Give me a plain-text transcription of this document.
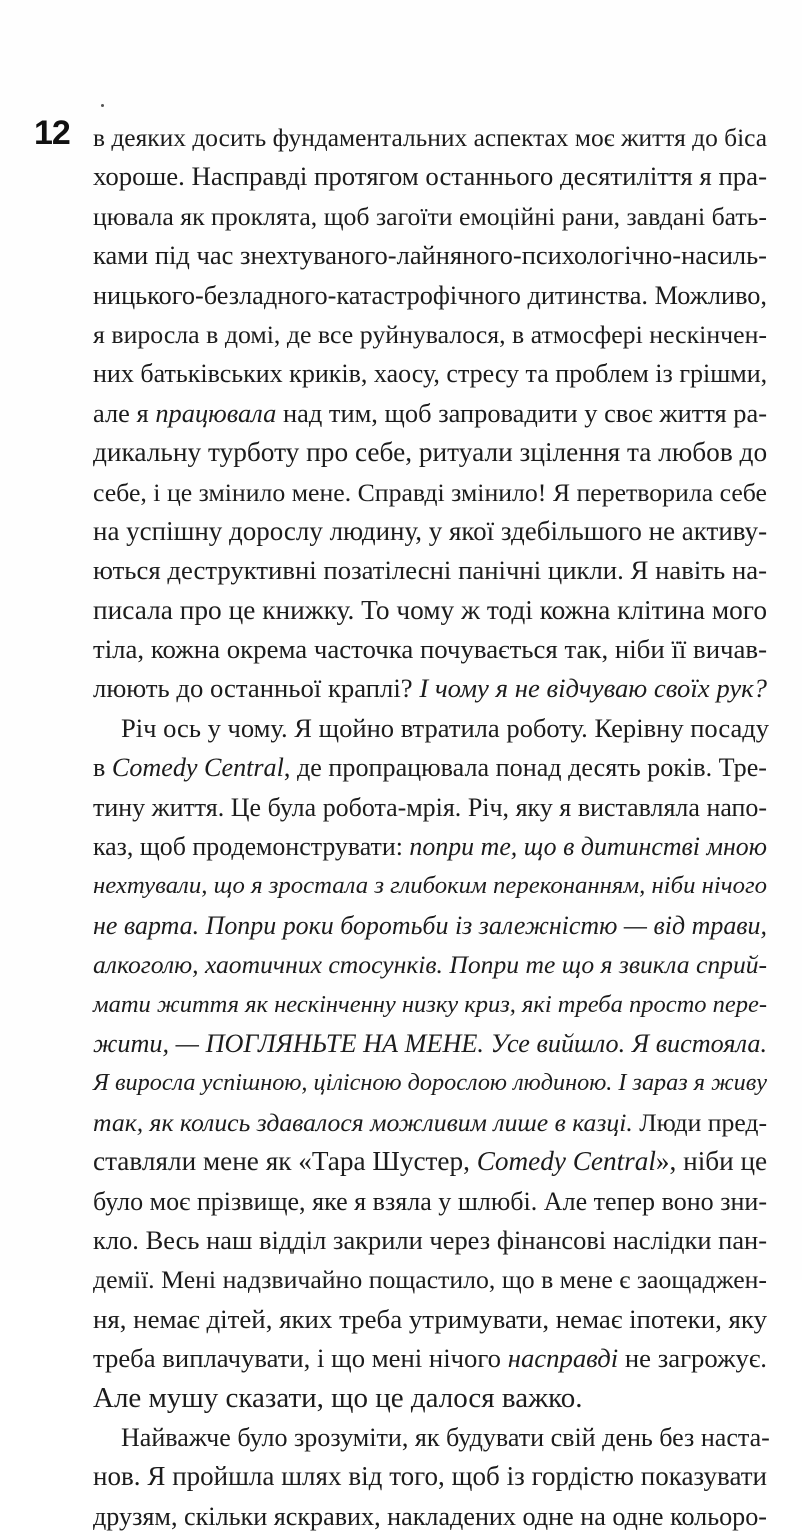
12 в деяких досить фундаментальних аспектах моє життя до біса
хороше. Насправді протягом останнього десятиліття я пра-
цювала як проклята, щоб загоїти емоційні рани, завдані бать-
ками під час знехтуваного-лайняного-психологічно-насиль-
ницького-безладного-катастрофічного дитинства. Можливо,
я виросла в домі, де все руйнувалося, в атмосфері нескінчен-
них батьківських криків, хаосу, стресу та проблем із грішми,
але я працювала над тим, щоб запровадити у своє життя ра-
дикальну турботу про себе, ритуали зцілення та любов до
себе, і це змінило мене. Справді змінило! Я перетворила себе
на успішну дорослу людину, у якої здебільшого не активу-
ються деструктивні позатілесні панічні цикли. Я навіть на-
писала про це книжку. То чому ж тоді кожна клітина мого
тіла, кожна окрема часточка почувається так, ніби її вичав-
люють до останньої краплі? І чому я не відчуваю своїх рук?
Річ ось у чому. Я щойно втратила роботу. Керівну посаду
в Comedy Central, де пропрацювала понад десять років. Тре-
тину життя. Це була робота-мрія. Річ, яку я виставляла напо-
каз, щоб продемонструвати: попри те, що в дитинстві мною
нехтували, що я зростала з глибоким переконанням, ніби нічого
не варта. Попри роки боротьби із залежністю — від трави,
алкоголю, хаотичних стосунків. Попри те що я звикла сприй-
мати життя як нескінченну низку криз, які треба просто пере-
жити, — ПОГЛЯНЬТЕ НА МЕНЕ. Усе вийшло. Я вистояла.
Я виросла успішною, цілісною дорослою людиною. І зараз я живу
так, як колись здавалося можливим лише в казці. Люди пред-
ставляли мене як «Тара Шустер, Comedy Central», ніби це
було моє прізвище, яке я взяла у шлюбі. Але тепер воно зни-
кло. Весь наш відділ закрили через фінансові наслідки пан-
демії. Мені надзвичайно пощастило, що в мене є заощаджен-
ня, немає дітей, яких треба утримувати, немає іпотеки, яку
треба виплачувати, і що мені нічого насправді не загрожує.
Але мушу сказати, що це далося важко.
Найважче було зрозуміти, як будувати свій день без наста-
нов. Я пройшла шлях від того, щоб із гордістю показувати
друзям, скільки яскравих, накладених одне на одне кольоро-
